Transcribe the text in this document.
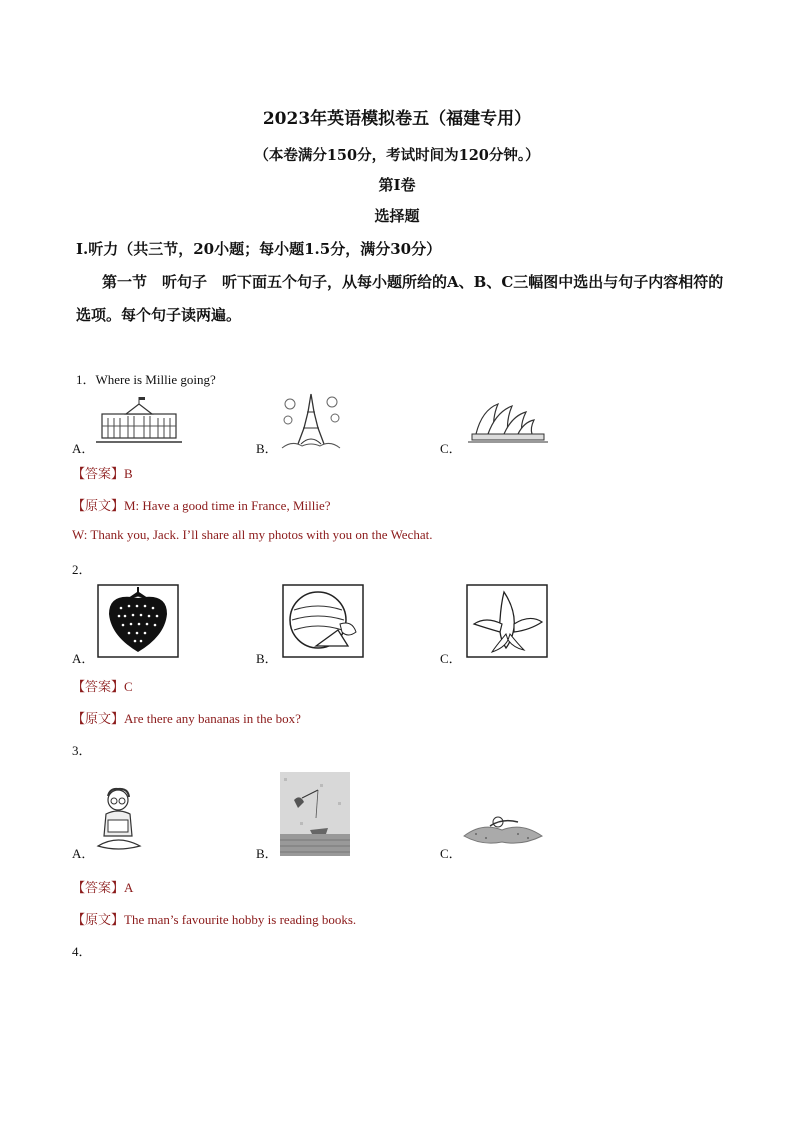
2023年英语模拟卷五（福建专用）
（本卷满分150分，考试时间为120分钟。）
第I卷
选择题
I.听力（共三节，20小题；每小题1.5分，满分30分）
第一节　听句子　听下面五个句子，从每小题所给的A、B、C三幅图中选出与句子内容相符的选项。每个句子读两遍。
1．Where is Millie going?
A．	B．	C．
【答案】B
【原文】M: Have a good time in France, Millie?
W: Thank you, Jack. I’ll share all my photos with you on the Wechat.
2．
A．	B．	C．
【答案】C
【原文】Are there any bananas in the box?
3．
A．	B．	C．
【答案】A
【原文】The man’s favourite hobby is reading books.
4．
